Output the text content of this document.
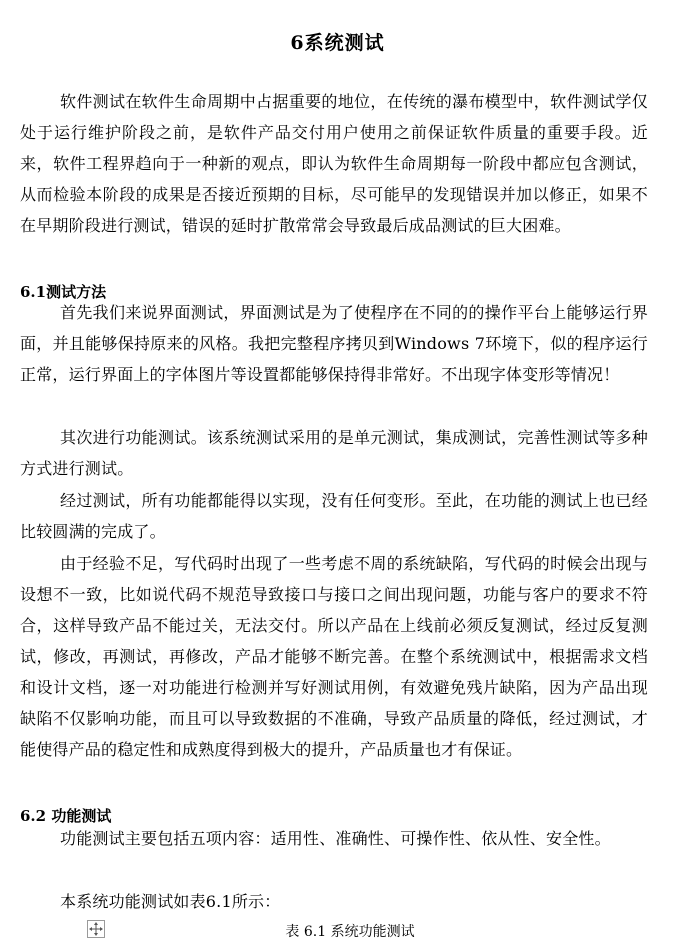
6系统测试

软件测试在软件生命周期中占据重要的地位，在传统的瀑布模型中，软件测试学仅处于运行维护阶段之前，是软件产品交付用户使用之前保证软件质量的重要手段。近来，软件工程界趋向于一种新的观点，即认为软件生命周期每一阶段中都应包含测试，从而检验本阶段的成果是否接近预期的目标，尽可能早的发现错误并加以修正，如果不在早期阶段进行测试，错误的延时扩散常常会导致最后成品测试的巨大困难。

6.1测试方法

首先我们来说界面测试，界面测试是为了使程序在不同的的操作平台上能够运行界面，并且能够保持原来的风格。我把完整程序拷贝到Windows 7环境下，似的程序运行正常，运行界面上的字体图片等设置都能够保持得非常好。不出现字体变形等情况！

其次进行功能测试。该系统测试采用的是单元测试，集成测试，完善性测试等多种方式进行测试。

经过测试，所有功能都能得以实现，没有任何变形。至此，在功能的测试上也已经比较圆满的完成了。

由于经验不足，写代码时出现了一些考虑不周的系统缺陷，写代码的时候会出现与设想不一致，比如说代码不规范导致接口与接口之间出现问题，功能与客户的要求不符合，这样导致产品不能过关，无法交付。所以产品在上线前必须反复测试，经过反复测试，修改，再测试，再修改，产品才能够不断完善。在整个系统测试中，根据需求文档和设计文档，逐一对功能进行检测并写好测试用例，有效避免残片缺陷，因为产品出现缺陷不仅影响功能，而且可以导致数据的不准确，导致产品质量的降低，经过测试，才能使得产品的稳定性和成熟度得到极大的提升，产品质量也才有保证。

6.2 功能测试

功能测试主要包括五项内容：适用性、准确性、可操作性、依从性、安全性。

本系统功能测试如表6.1所示：

表 6.1 系统功能测试
